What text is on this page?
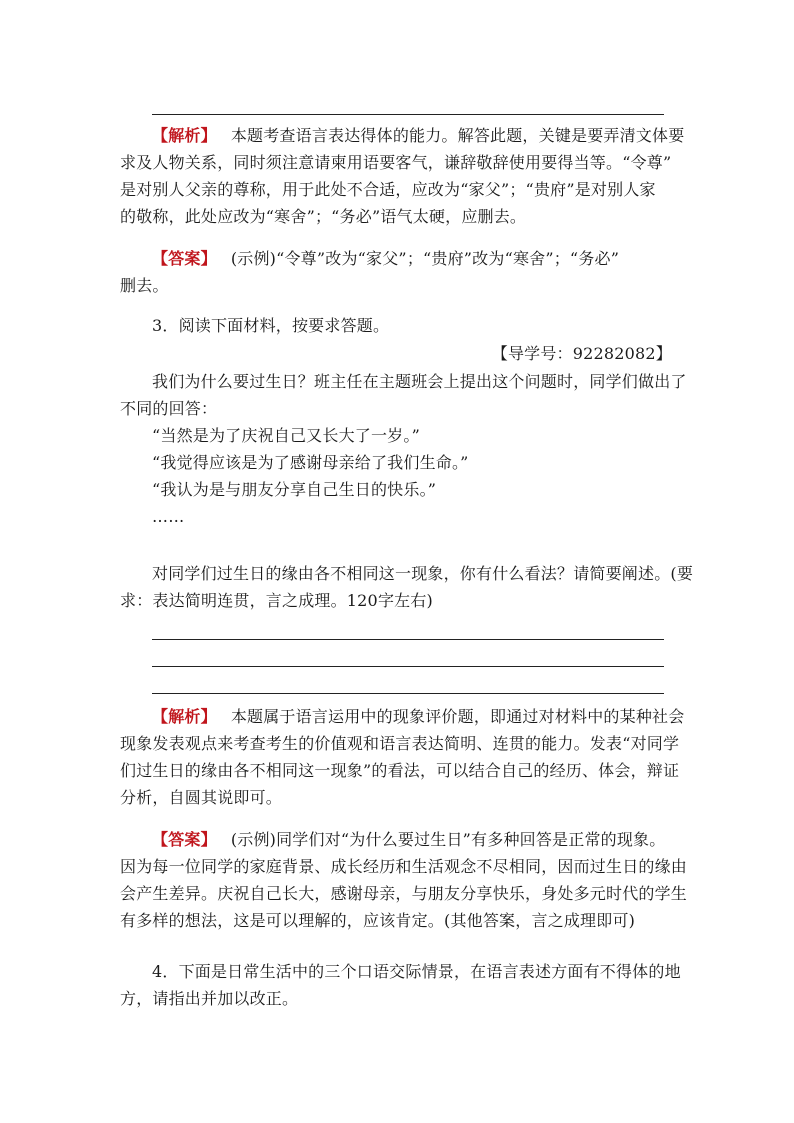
【解析】 本题考查语言表达得体的能力。解答此题，关键是要弄清文体要
求及人物关系，同时须注意请柬用语要客气，谦辞敬辞使用要得当等。“令尊”
是对别人父亲的尊称，用于此处不合适，应改为“家父”；“贵府”是对别人家
的敬称，此处应改为“寒舍”；“务必”语气太硬，应删去。
【答案】 (示例)“令尊”改为“家父”；“贵府”改为“寒舍”；“务必”
删去。
3．阅读下面材料，按要求答题。
【导学号：92282082】
我们为什么要过生日？班主任在主题班会上提出这个问题时，同学们做出了
不同的回答：
“当然是为了庆祝自己又长大了一岁。”
“我觉得应该是为了感谢母亲给了我们生命。”
“我认为是与朋友分享自己生日的快乐。”
……
对同学们过生日的缘由各不相同这一现象，你有什么看法？请简要阐述。(要
求：表达简明连贯，言之成理。120字左右)
【解析】 本题属于语言运用中的现象评价题，即通过对材料中的某种社会
现象发表观点来考查考生的价值观和语言表达简明、连贯的能力。发表“对同学
们过生日的缘由各不相同这一现象”的看法，可以结合自己的经历、体会，辩证
分析，自圆其说即可。
【答案】 (示例)同学们对“为什么要过生日”有多种回答是正常的现象。
因为每一位同学的家庭背景、成长经历和生活观念不尽相同，因而过生日的缘由
会产生差异。庆祝自己长大，感谢母亲，与朋友分享快乐，身处多元时代的学生
有多样的想法，这是可以理解的，应该肯定。(其他答案，言之成理即可)
4．下面是日常生活中的三个口语交际情景，在语言表述方面有不得体的地
方，请指出并加以改正。
